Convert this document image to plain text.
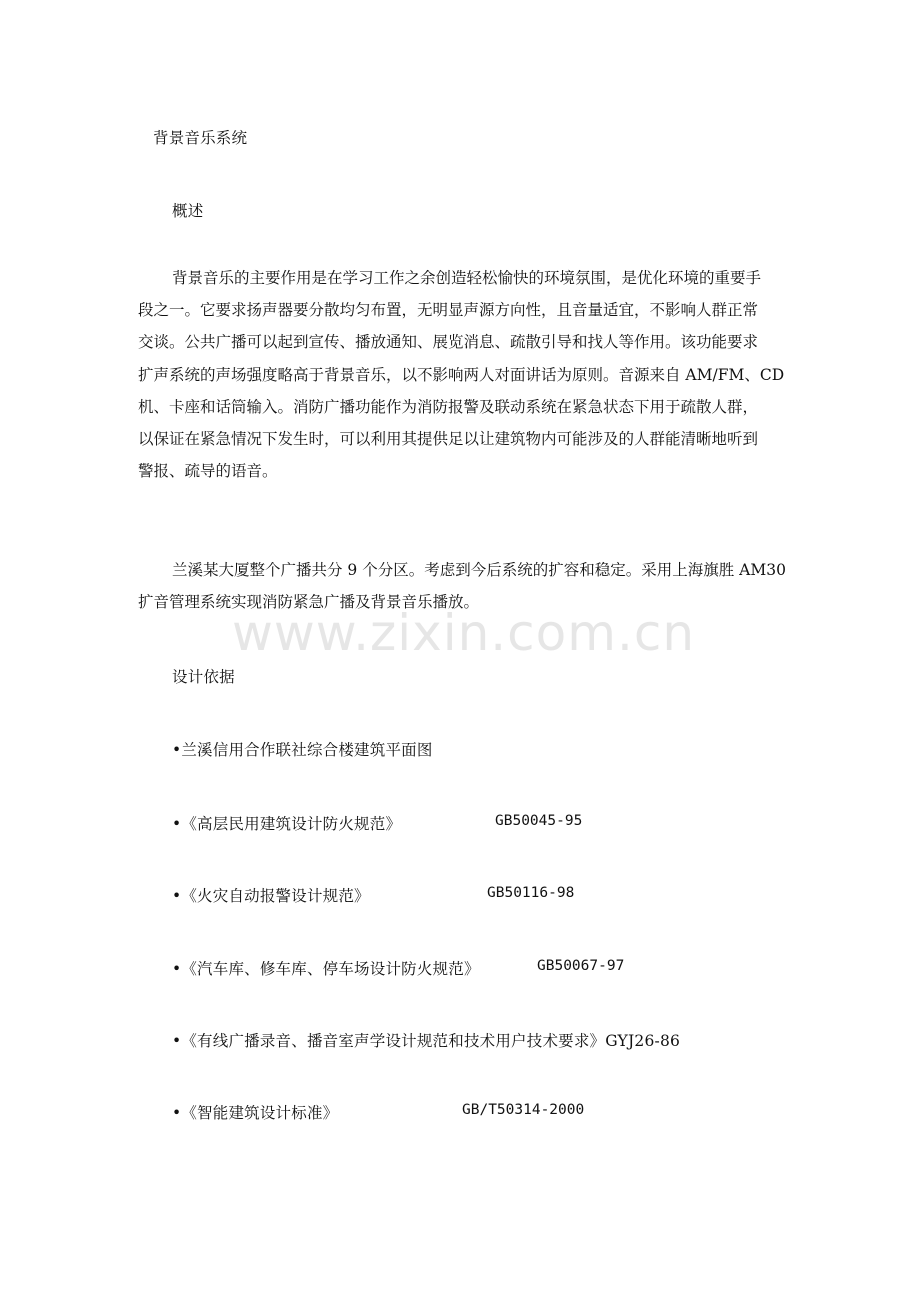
背景音乐系统
概述
背景音乐的主要作用是在学习工作之余创造轻松愉快的环境氛围，是优化环境的重要手
段之一。它要求扬声器要分散均匀布置，无明显声源方向性，且音量适宜，不影响人群正常
交谈。公共广播可以起到宣传、播放通知、展览消息、疏散引导和找人等作用。该功能要求
扩声系统的声场强度略高于背景音乐，以不影响两人对面讲话为原则。音源来自 AM/FM、CD
机、卡座和话筒输入。消防广播功能作为消防报警及联动系统在紧急状态下用于疏散人群，
以保证在紧急情况下发生时，可以利用其提供足以让建筑物内可能涉及的人群能清晰地听到
警报、疏导的语音。
兰溪某大厦整个广播共分 9 个分区。考虑到今后系统的扩容和稳定。采用上海旗胜 AM30
扩音管理系统实现消防紧急广播及背景音乐播放。
www.zixin.com.cn
设计依据
•兰溪信用合作联社综合楼建筑平面图
•《高层民用建筑设计防火规范》	GB50045-95
•《火灾自动报警设计规范》	GB50116-98
•《汽车库、修车库、停车场设计防火规范》	GB50067-97
•《有线广播录音、播音室声学设计规范和技术用户技术要求》GYJ26-86
•《智能建筑设计标准》	GB/T50314-2000
